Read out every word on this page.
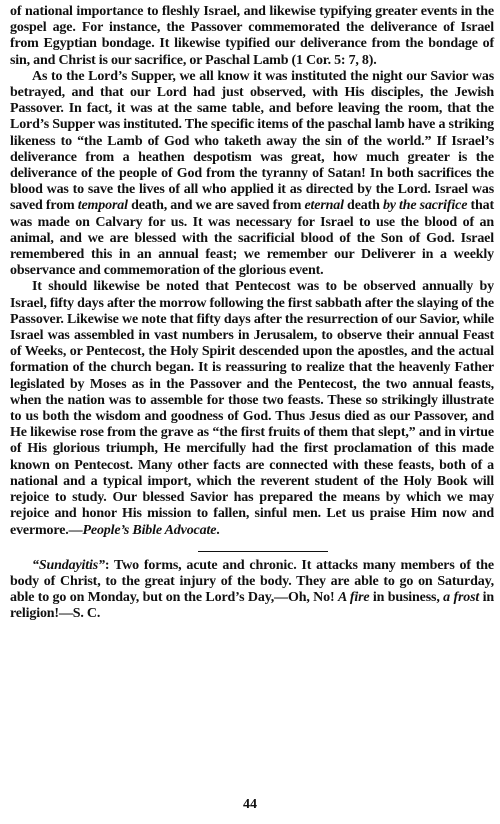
of national importance to fleshly Israel, and likewise typifying greater events in the gospel age. For instance, the Passover commemorated the deliverance of Israel from Egyptian bondage. It likewise typified our deliverance from the bondage of sin, and Christ is our sacrifice, or Paschal Lamb (1 Cor. 5: 7, 8).

As to the Lord’s Supper, we all know it was instituted the night our Savior was betrayed, and that our Lord had just observed, with His disciples, the Jewish Passover. In fact, it was at the same table, and before leaving the room, that the Lord’s Supper was instituted. The specific items of the paschal lamb have a striking likeness to “the Lamb of God who taketh away the sin of the world.” If Israel’s deliverance from a heathen despotism was great, how much greater is the deliverance of the people of God from the tyranny of Satan! In both sacrifices the blood was to save the lives of all who applied it as directed by the Lord. Israel was saved from temporal death, and we are saved from eternal death by the sacrifice that was made on Calvary for us. It was necessary for Israel to use the blood of an animal, and we are blessed with the sacrificial blood of the Son of God. Israel remembered this in an annual feast; we remember our Deliverer in a weekly observance and commemoration of the glorious event.

It should likewise be noted that Pentecost was to be observed annually by Israel, fifty days after the morrow following the first sabbath after the slaying of the Passover. Likewise we note that fifty days after the resurrection of our Savior, while Israel was assembled in vast numbers in Jerusalem, to observe their annual Feast of Weeks, or Pentecost, the Holy Spirit descended upon the apostles, and the actual formation of the church began. It is reassuring to realize that the heavenly Father legislated by Moses as in the Passover and the Pentecost, the two annual feasts, when the nation was to assemble for those two feasts. These so strikingly illustrate to us both the wisdom and goodness of God. Thus Jesus died as our Passover, and He likewise rose from the grave as “the first fruits of them that slept,” and in virtue of His glorious triumph, He mercifully had the first proclamation of this made known on Pentecost. Many other facts are connected with these feasts, both of a national and a typical import, which the reverent student of the Holy Book will rejoice to study. Our blessed Savior has prepared the means by which we may rejoice and honor His mission to fallen, sinful men. Let us praise Him now and evermore.—People’s Bible Advocate.

“Sundayitis”: Two forms, acute and chronic. It attacks many members of the body of Christ, to the great injury of the body. They are able to go on Saturday, able to go on Monday, but on the Lord’s Day,—Oh, No! A fire in business, a frost in religion!—S. C.

44
